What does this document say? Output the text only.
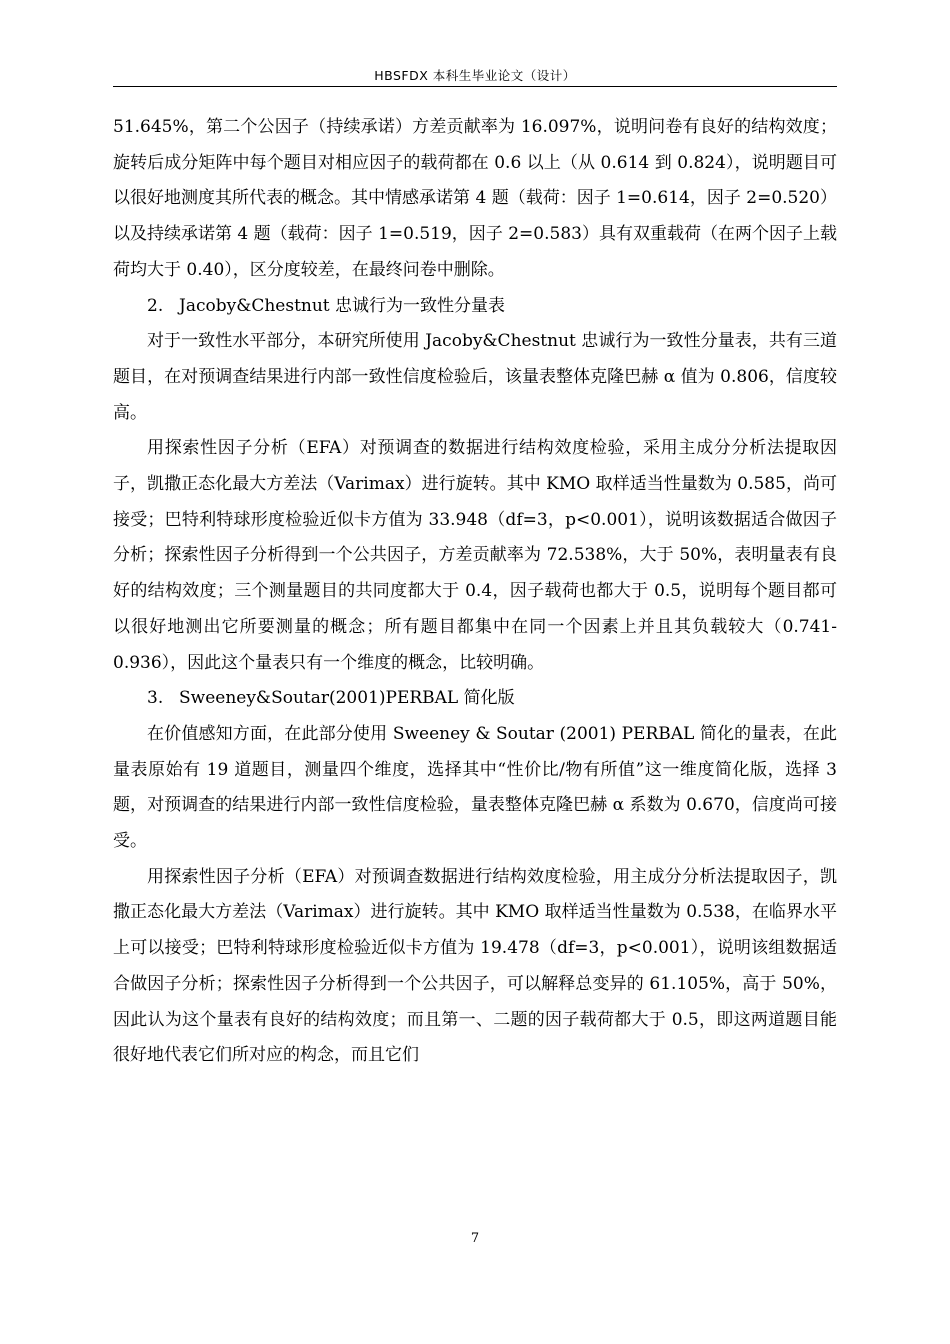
HBSFDX 本科生毕业论文（设计）

51.645%，第二个公因子（持续承诺）方差贡献率为 16.097%，说明问卷有良好的结构效度；旋转后成分矩阵中每个题目对相应因子的载荷都在 0.6 以上（从 0.614 到 0.824），说明题目可以很好地测度其所代表的概念。其中情感承诺第 4 题（载荷：因子 1=0.614，因子 2=0.520）以及持续承诺第 4 题（载荷：因子 1=0.519，因子 2=0.583）具有双重载荷（在两个因子上载荷均大于 0.40），区分度较差，在最终问卷中删除。

2. Jacoby&Chestnut 忠诚行为一致性分量表

对于一致性水平部分，本研究所使用 Jacoby&Chestnut 忠诚行为一致性分量表，共有三道题目，在对预调查结果进行内部一致性信度检验后，该量表整体克隆巴赫 α 值为 0.806，信度较高。

用探索性因子分析（EFA）对预调查的数据进行结构效度检验，采用主成分分析法提取因子，凯撒正态化最大方差法（Varimax）进行旋转。其中 KMO 取样适当性量数为 0.585，尚可接受；巴特利特球形度检验近似卡方值为 33.948（df=3，p<0.001），说明该数据适合做因子分析；探索性因子分析得到一个公共因子，方差贡献率为 72.538%，大于 50%，表明量表有良好的结构效度；三个测量题目的共同度都大于 0.4，因子载荷也都大于 0.5，说明每个题目都可以很好地测出它所要测量的概念；所有题目都集中在同一个因素上并且其负载较大（0.741-0.936），因此这个量表只有一个维度的概念，比较明确。

3. Sweeney&Soutar(2001)PERBAL 简化版

在价值感知方面，在此部分使用 Sweeney & Soutar (2001) PERBAL 简化的量表，在此量表原始有 19 道题目，测量四个维度，选择其中“性价比/物有所值”这一维度简化版，选择 3 题，对预调查的结果进行内部一致性信度检验，量表整体克隆巴赫 α 系数为 0.670，信度尚可接受。

用探索性因子分析（EFA）对预调查数据进行结构效度检验，用主成分分析法提取因子，凯撒正态化最大方差法（Varimax）进行旋转。其中 KMO 取样适当性量数为 0.538，在临界水平上可以接受；巴特利特球形度检验近似卡方值为 19.478（df=3，p<0.001），说明该组数据适合做因子分析；探索性因子分析得到一个公共因子，可以解释总变异的 61.105%，高于 50%，因此认为这个量表有良好的结构效度；而且第一、二题的因子载荷都大于 0.5，即这两道题目能很好地代表它们所对应的构念，而且它们

7
